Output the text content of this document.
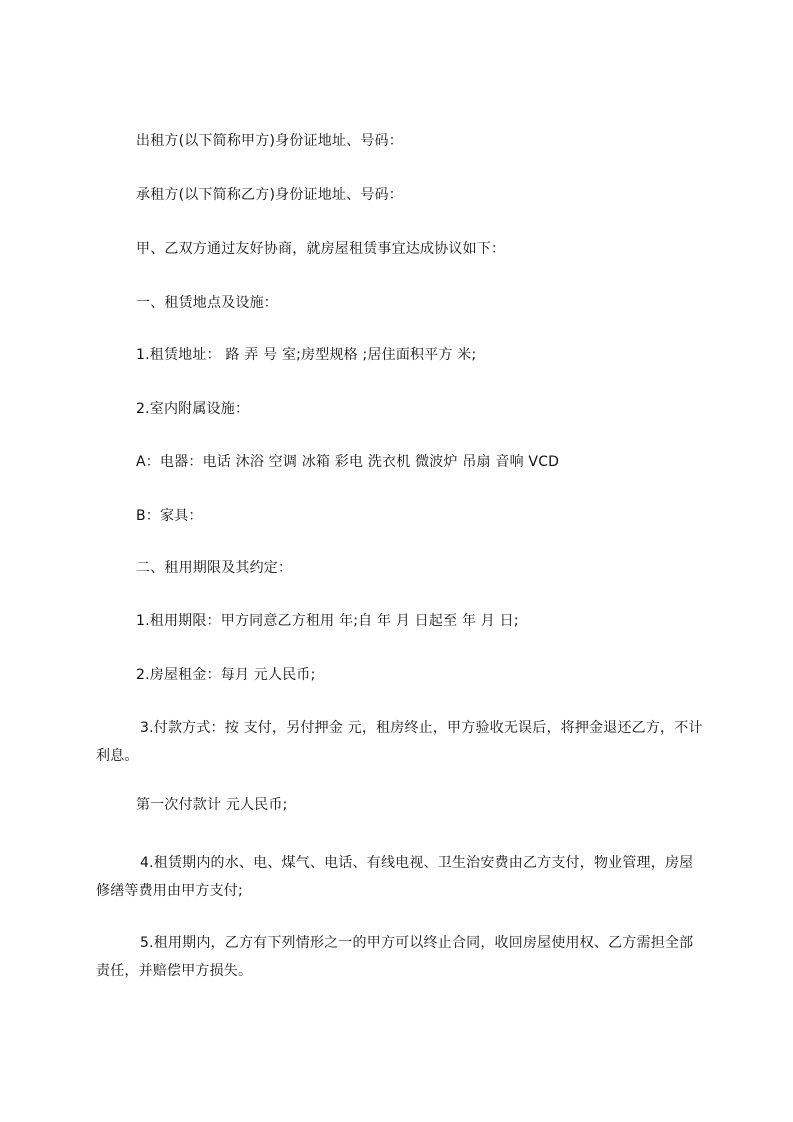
出租方(以下简称甲方)身份证地址、号码：
承租方(以下简称乙方)身份证地址、号码：
甲、乙双方通过友好协商，就房屋租赁事宜达成协议如下：
一、租赁地点及设施：
1.租赁地址： 路 弄 号 室;房型规格 ;居住面积平方 米;
2.室内附属设施：
A：电器：电话 沐浴 空调 冰箱 彩电 洗衣机 微波炉 吊扇 音响 VCD
B：家具：
二、租用期限及其约定：
1.租用期限：甲方同意乙方租用 年;自 年 月 日起至 年 月 日;
2.房屋租金：每月 元人民币;
3.付款方式：按 支付，另付押金 元，租房终止，甲方验收无误后，将押金退还乙方，不计利息。
第一次付款计 元人民币;
4.租赁期内的水、电、煤气、电话、有线电视、卫生治安费由乙方支付，物业管理，房屋修缮等费用由甲方支付;
5.租用期内，乙方有下列情形之一的甲方可以终止合同，收回房屋使用权、乙方需担全部责任，并赔偿甲方损失。
